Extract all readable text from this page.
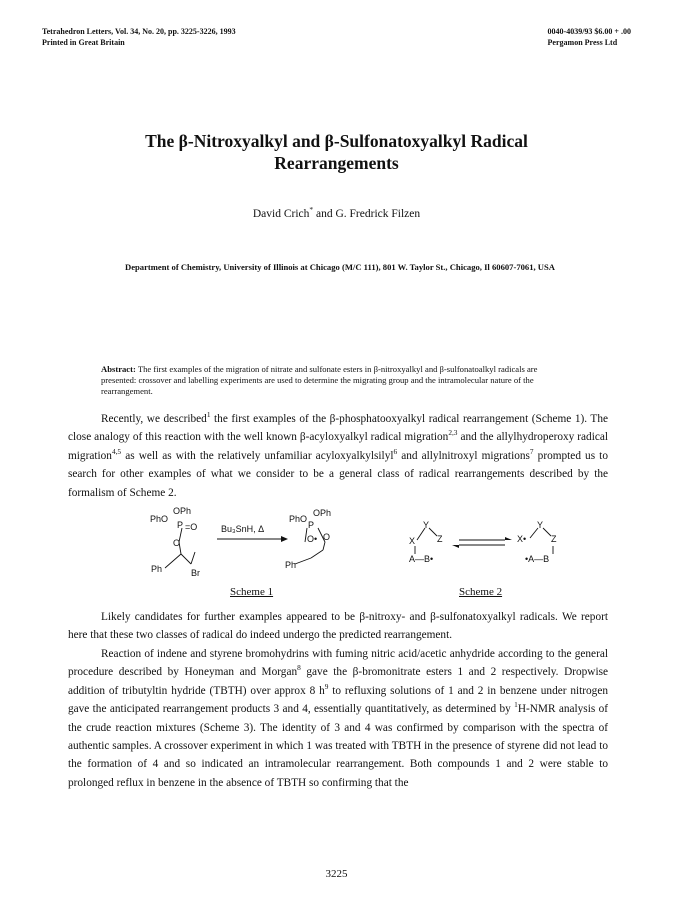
Tetrahedron Letters, Vol. 34, No. 20, pp. 3225-3226, 1993
Printed in Great Britain
0040-4039/93 $6.00 + .00
Pergamon Press Ltd
The β-Nitroxyalkyl and β-Sulfonatoxyalkyl Radical
Rearrangements
David Crich* and G. Fredrick Filzen
Department of Chemistry, University of Illinois at Chicago (M/C 111), 801 W. Taylor St., Chicago, Il 60607-7061, USA
Abstract: The first examples of the migration of nitrate and sulfonate esters in β-nitroxyalkyl and β-sulfonatoalkyl radicals are presented: crossover and labelling experiments are used to determine the migrating group and the intramolecular nature of the rearrangement.

Recently, we described$^1$ the first examples of the β-phosphatooxyalkyl radical rearrangement (Scheme 1). The close analogy of this reaction with the well known β-acyloxyalkyl radical migration$^{2,3}$ and the allylhydroperoxy radical migration$^{4,5}$ as well as with the relatively unfamiliar acyloxyalkylsilyl$^6$ and allylnitroxyl migrations$^7$ prompted us to search for other examples of what we consider to be a general class of radical rearrangements described by the formalism of Scheme 2.

OPh
PhO
P =O
O
Ph	Br
Bu₃SnH, Δ
PhO
OPh
P
O• O
Ph
Scheme 1
Y
X Z
A—B•
Y
X•	Z
•A—B
Scheme 2

Likely candidates for further examples appeared to be β-nitroxy- and β-sulfonatoxyalkyl radicals. We report here that these two classes of radical do indeed undergo the predicted rearrangement.

Reaction of indene and styrene bromohydrins with fuming nitric acid/acetic anhydride according to the general procedure described by Honeyman and Morgan$^8$ gave the β-bromonitrate esters 1 and 2 respectively. Dropwise addition of tributyltin hydride (TBTH) over approx 8 $h^9$ to refluxing solutions of 1 and 2 in benzene under nitrogen gave the anticipated rearrangement products 3 and 4, essentially quantitatively, as determined by $^1$H-NMR analysis of the crude reaction mixtures (Scheme 3). The identity of 3 and 4 was confirmed by comparison with the spectra of authentic samples. A crossover experiment in which 1 was treated with TBTH in the presence of styrene did not lead to the formation of 4 and so indicated an intramolecular rearrangement. Both compounds 1 and 2 were stable to prolonged reflux in benzene in the absence of TBTH so confirming that the

3225
